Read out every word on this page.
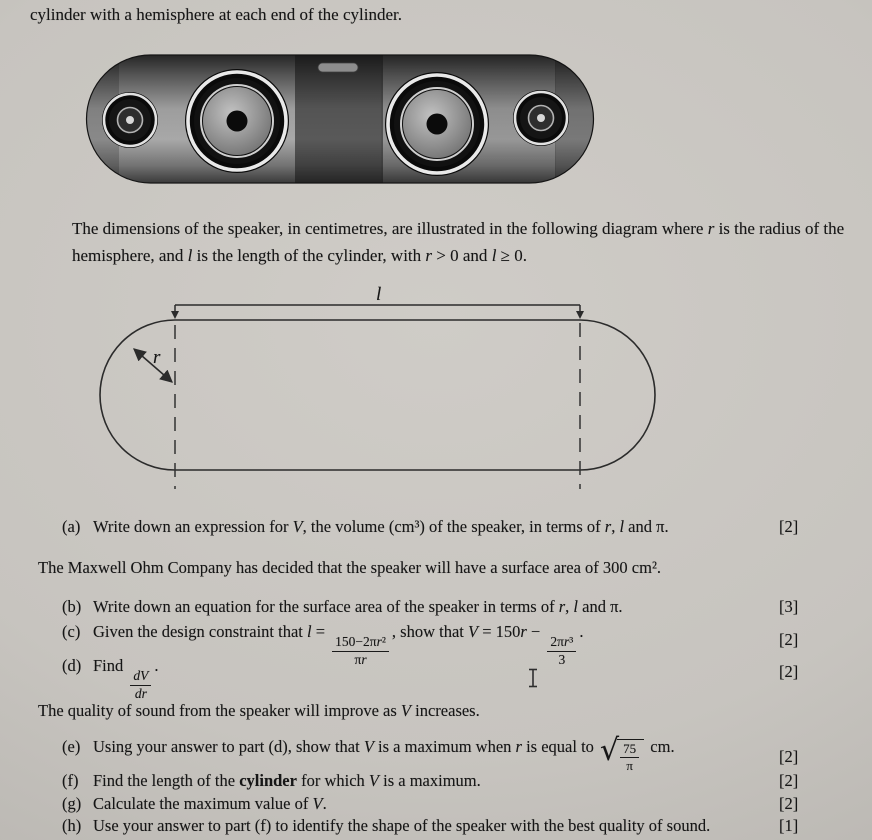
cylinder with a hemisphere at each end of the cylinder.
The dimensions of the speaker, in centimetres, are illustrated in the following diagram where r is the radius of the hemisphere, and l is the length of the cylinder, with r > 0 and l ≥ 0.
l
r
(a) Write down an expression for V, the volume (cm³) of the speaker, in terms of r, l and π.	[2]
The Maxwell Ohm Company has decided that the speaker will have a surface area of 300 cm².
(b) Write down an equation for the surface area of the speaker in terms of r, l and π.	[3]
(c) Given the design constraint that l =
$\frac{\text{150−2πr²}}{\pi r}$
, show that V = 150r −
$\frac{\text{2πr³}}{3}$
.	[2]
(d) Find
$\frac{dV}{dr}$
.	[2]
The quality of sound from the speaker will improve as V increases.
(e) Using your answer to part (d), show that V is a maximum when r is equal to √ $\frac{75}{\pi}$ cm.
[2]
(f) Find the length of the cylinder for which V is a maximum.	[2]
(g) Calculate the maximum value of V.	[2]
(h) Use your answer to part (f) to identify the shape of the speaker with the best quality of sound.	[1]
